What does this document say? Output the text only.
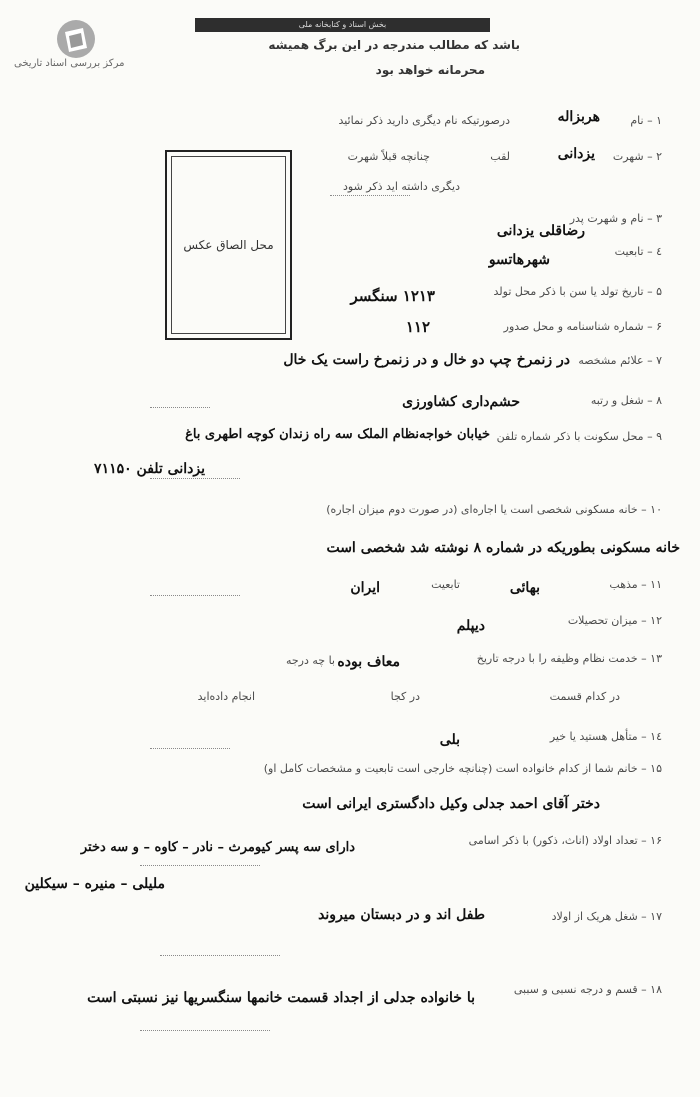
بخش اسناد و کتابخانه ملی
باشد که مطالب مندرجه در این برگ همیشه
محرمانه خواهد بود
مرکز بررسی اسناد تاریخی
محل الصاق عکس
۱ – نام
هربزاله
درصورتیکه نام دیگری دارید ذکر نمائید
۲ – شهرت
یزدانی
لقب
چنانچه قبلاً شهرت
دیگری داشته اید ذکر شود
۳ – نام و شهرت پدر
رضاقلی یزدانی
٤ – تابعیت
شهرهاتسو
۵ – تاریخ تولد یا سن با ذکر محل تولد
۱۲۱۳ سنگسر
۶ – شماره شناسنامه و محل صدور
۱۱۲
۷ – علائم مشخصه
در زنمرخ چپ دو خال و در زنمرخ راست یک خال
۸ – شغل و رتبه
حشم‌داری کشاورزی
۹ – محل سکونت با ذکر شماره تلفن
خیابان خواجه‌نظام الملک سه راه زندان کوچه اطهری باغ
یزدانی تلفن ۷۱۱۵۰
۱۰ – خانه مسکونی شخصی است یا اجاره‌ای (در صورت دوم میزان اجاره)
خانه مسکونی بطوریکه در شماره ۸ نوشته شد شخصی است
۱۱ – مذهب
بهائی
تابعیت
ایران
۱۲ – میزان تحصیلات
دیپلم
۱۳ – خدمت نظام وظیفه را با درجه تاریخ
معاف بوده
با چه درجه
در کدام قسمت
در کجا
انجام داده‌اید
۱٤ – متأهل هستید یا خیر
بلی
۱۵ – خانم شما از کدام خانواده است (چنانچه خارجی است تابعیت و مشخصات کامل او)
دختر آقای احمد جدلی وکیل دادگستری ایرانی است
۱۶ – تعداد اولاد (اناث، ذکور) با ذکر اسامی
دارای سه پسر کیومرث – نادر – کاوه – و سه دختر
ملیلی – منیره – سیکلین
۱۷ – شغل هریک از اولاد
طفل اند و در دبستان میروند
۱۸ – قسم و درجه نسبی و سببی
با خانواده جدلی از اجداد قسمت خانمها سنگسریها نیز نسبتی است
